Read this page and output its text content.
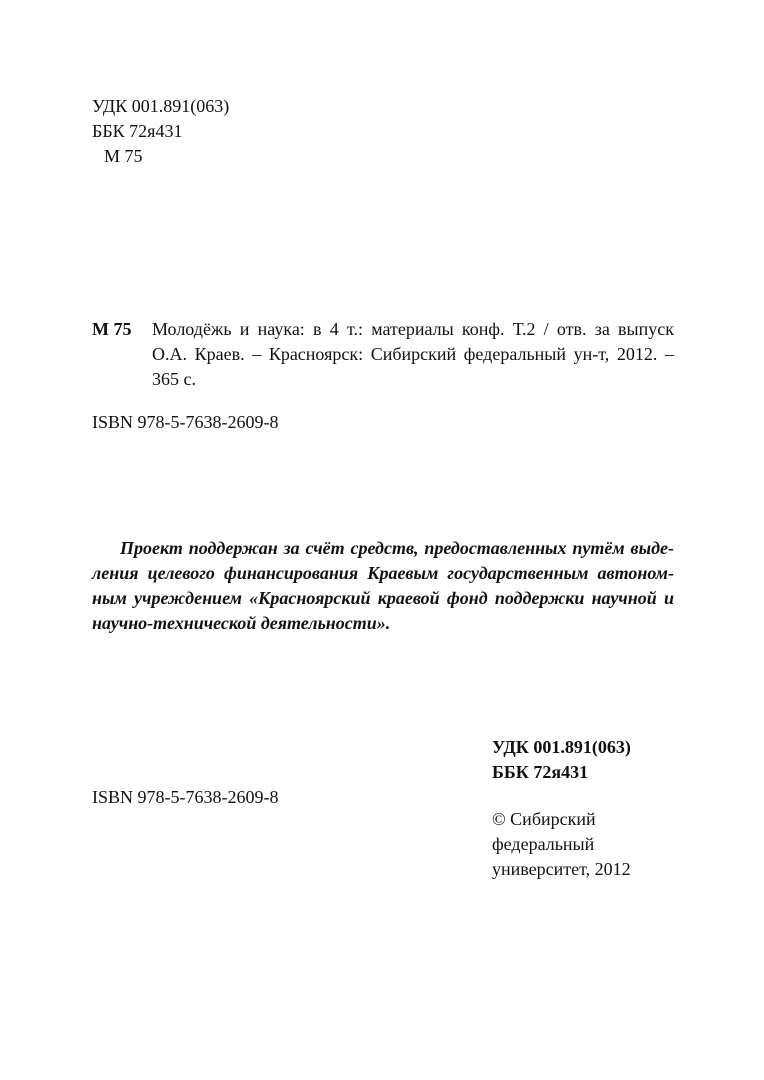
УДК 001.891(063)
ББК 72я431
М 75
М 75 Молодёжь и наука: в 4 т.: материалы конф. Т.2 / отв. за выпуск
О.А. Краев. – Красноярск: Сибирский федеральный ун-т, 2012. –
365 с.
ISBN 978-5-7638-2609-8
Проект поддержан за счёт средств, предоставленных путём выде-
ления целевого финансирования Краевым государственным автоном-
ным учреждением «Красноярский краевой фонд поддержки научной и
научно-технической деятельности».
УДК 001.891(063)
ББК 72я431
ISBN 978-5-7638-2609-8
© Сибирский
федеральный
университет, 2012
